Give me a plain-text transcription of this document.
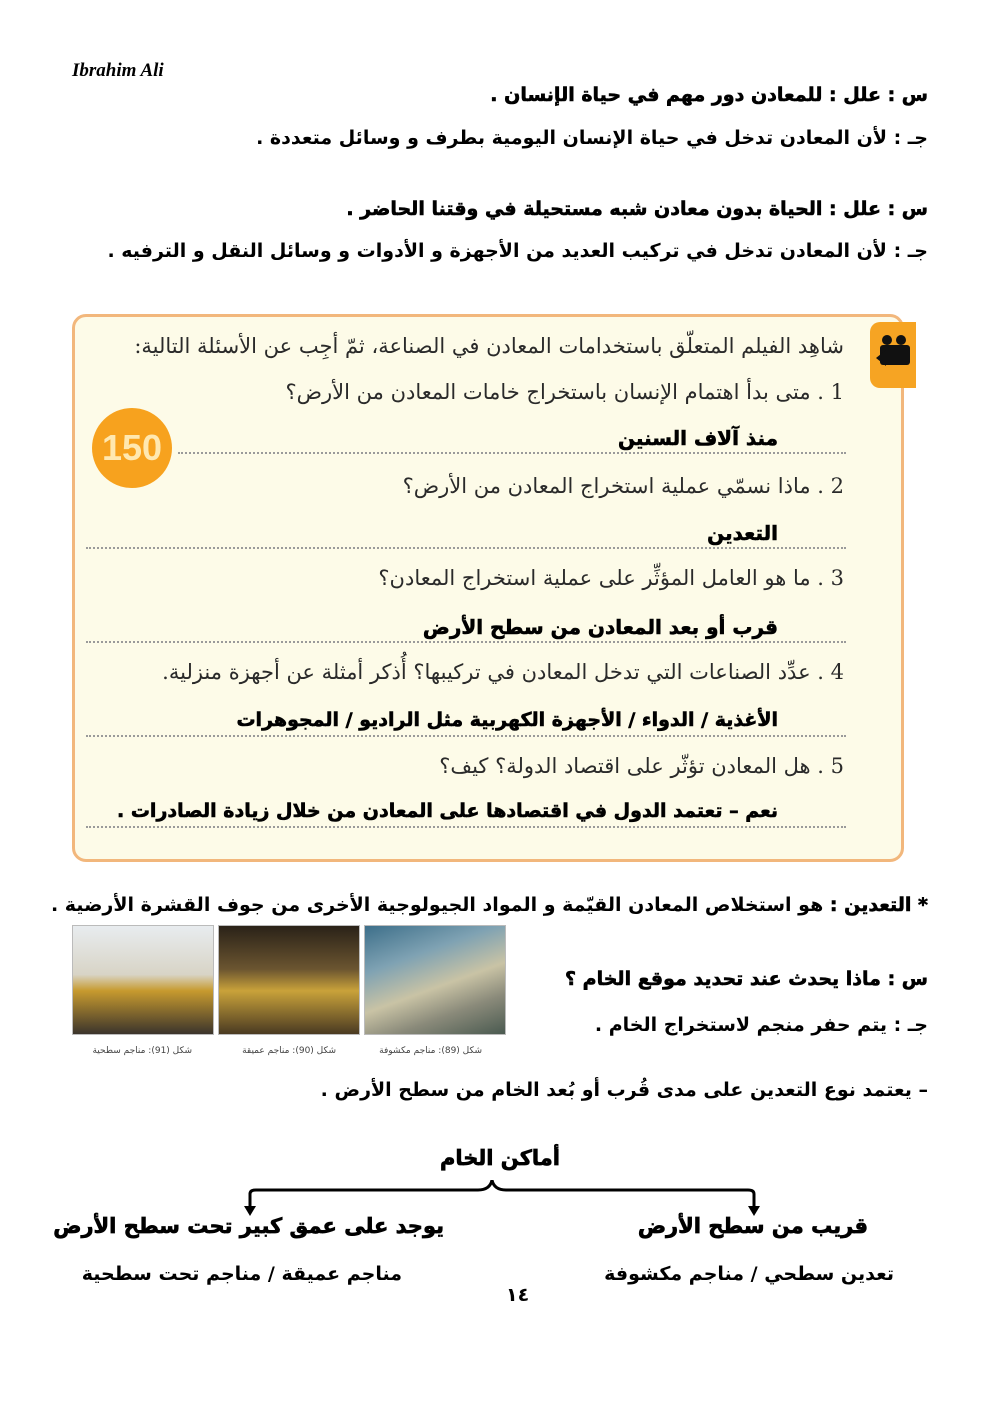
Ibrahim Ali
س : علل : للمعادن دور مهم في حياة الإنسان .
جـ : لأن المعادن تدخل في حياة الإنسان اليومية بطرف و وسائل متعددة .
س : علل : الحياة بدون معادن شبه مستحيلة في وقتنا الحاضر .
جـ : لأن المعادن تدخل في تركيب العديد من الأجهزة و الأدوات و وسائل النقل و الترفيه .
شاهِد الفيلم المتعلّق باستخدامات المعادن في الصناعة، ثمّ أجِب عن الأسئلة التالية:
150
1 . متى بدأ اهتمام الإنسان باستخراج خامات المعادن من الأرض؟
منذ آلاف السنين
2 . ماذا نسمّي عملية استخراج المعادن من الأرض؟
التعدين
3 . ما هو العامل المؤثِّر على عملية استخراج المعادن؟
قرب أو بعد المعادن من سطح الأرض
4 . عدِّد الصناعات التي تدخل المعادن في تركيبها؟ أُذكر أمثلة عن أجهزة منزلية.
الأغذية / الدواء / الأجهزة الكهربية مثل الراديو / المجوهرات
5 . هل المعادن تؤثّر على اقتصاد الدولة؟ كيف؟
نعم – تعتمد الدول في اقتصادها على المعادن من خلال زيادة الصادرات .
* التعدين : هو استخلاص المعادن القيّمة و المواد الجيولوجية الأخرى من جوف القشرة الأرضية .
شكل (89): مناجم مكشوفة
شكل (90): مناجم عميقة
شكل (91): مناجم سطحية
س : ماذا يحدث عند تحديد موقع الخام ؟
جـ : يتم حفر منجم لاستخراج الخام .
– يعتمد نوع التعدين على مدى قُرب أو بُعد الخام من سطح الأرض .
أماكن الخام
قريب من سطح الأرض
يوجد على عمق كبير تحت سطح الأرض
تعدين سطحي / مناجم مكشوفة
مناجم عميقة / مناجم تحت سطحية
١٤
